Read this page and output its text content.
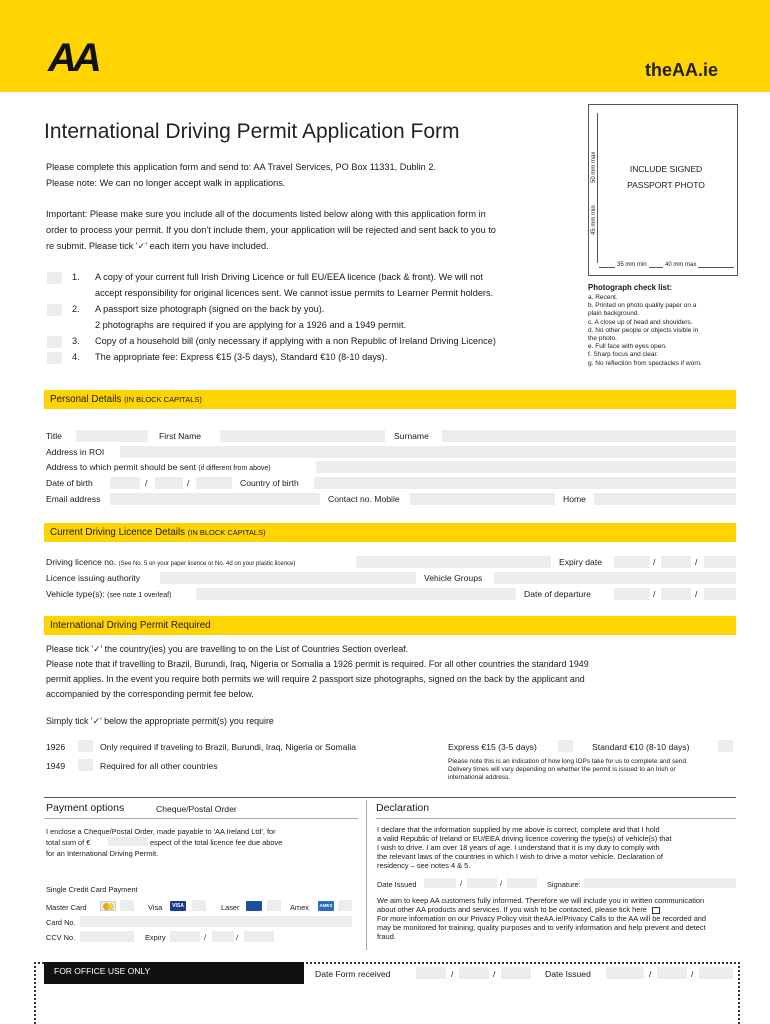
AA	theAA.ie
International Driving Permit Application Form
Please complete this application form and send to: AA Travel Services, PO Box 11331, Dublin 2.
Please note: We can no longer accept walk in applications.
Important: Please make sure you include all of the documents listed below along with this application form in
order to process your permit. If you don’t include them, your application will be rejected and sent back to you to
re submit. Please tick '✓' each item you have included.
1. A copy of your current full Irish Driving Licence or full EU/EEA licence (back & front). We will not
accept responsibility for original licences sent. We cannot issue permits to Learner Permit holders.
2. A passport size photograph (signed on the back by you).
2 photographs are required if you are applying for a 1926 and a 1949 permit.
3. Copy of a household bill (only necessary if applying with a non Republic of Ireland Driving Licence)
4. The appropriate fee: Express €15 (3-5 days), Standard €10 (8-10 days).
INCLUDE SIGNED
PASSPORT PHOTO
50 mm max
45 mm min
35 mm min	40 mm max
Photograph check list:
a. Recent.
b. Printed on photo quality paper on a
plain background.
c. A close up of head and shoulders.
d. No other people or objects visible in
the photo.
e. Full face with eyes open.
f. Sharp focus and clear.
g. No reflection from spectacles if worn.
Personal Details (IN BLOCK CAPITALS)
Title	First Name	Surname
Address in ROI
Address to which permit should be sent (if different from above)
Date of birth	/	/	Country of birth
Email address	Contact no. Mobile	Home
Current Driving Licence Details (IN BLOCK CAPITALS)
Driving licence no. (See No. 5 on your paper licence or No. 4d on your plastic licence)	Expiry date	/	/
Licence issuing authority	Vehicle Groups
Vehicle type(s): (see note 1 overleaf)	Date of departure	/	/
International Driving Permit Required
Please tick '✓' the country(ies) you are travelling to on the List of Countries Section overleaf.
Please note that if travelling to Brazil, Burundi, Iraq, Nigeria or Somalia a 1926 permit is required. For all other countries the standard 1949
permit applies. In the event you require both permits we will require 2 passport size photographs, signed on the back by the applicant and
accompanied by the corresponding permit fee below.
Simply tick '✓' below the appropriate permit(s) you require
1926	Only required if traveling to Brazil, Burundi, Iraq, Nigeria or Somalia
1949	Required for all other countries
Express €15 (3-5 days)	Standard €10 (8-10 days)
Please note this is an indication of how long IDPs take for us to complete and send.
Delivery times will vary depending on whether the permit is issued to an Irish or
international address.
Payment options	Cheque/Postal Order
I enclose a Cheque/Postal Order, made payable to 'AA Ireland Ltd', for
total sum of €	espect of the total licence fee due above
for an International Driving Permit.
Single Credit Card Payment
Master Card	Visa	VISA	Laser	Amex	AMEX
Card No.
CCV No.	Expiry	/	/
Declaration
I declare that the information supplied by me above is correct, complete and that I hold
a valid Republic of Ireland or EU/EEA driving licence covering the type(s) of vehicle(s) that
I wish to drive. I am over 18 years of age. I understand that it is my duty to comply with
the relevant laws of the countries in which I wish to drive a motor vehicle. Declaration of
residency – see notes 4 & 5.
Date Issued	/	/	Signature:
We aim to keep AA customers fully informed. Therefore we will include you in written communication
about other AA products and services. If you wish to be contacted, please tick here
For more information on our Privacy Policy visit theAA.ie/Privacy Calls to the AA will be recorded and
may be monitored for training, quality purposes and to verify information and help prevent and detect
fraud.
FOR OFFICE USE ONLY	Date Form received	/	/	Date Issued	/	/
